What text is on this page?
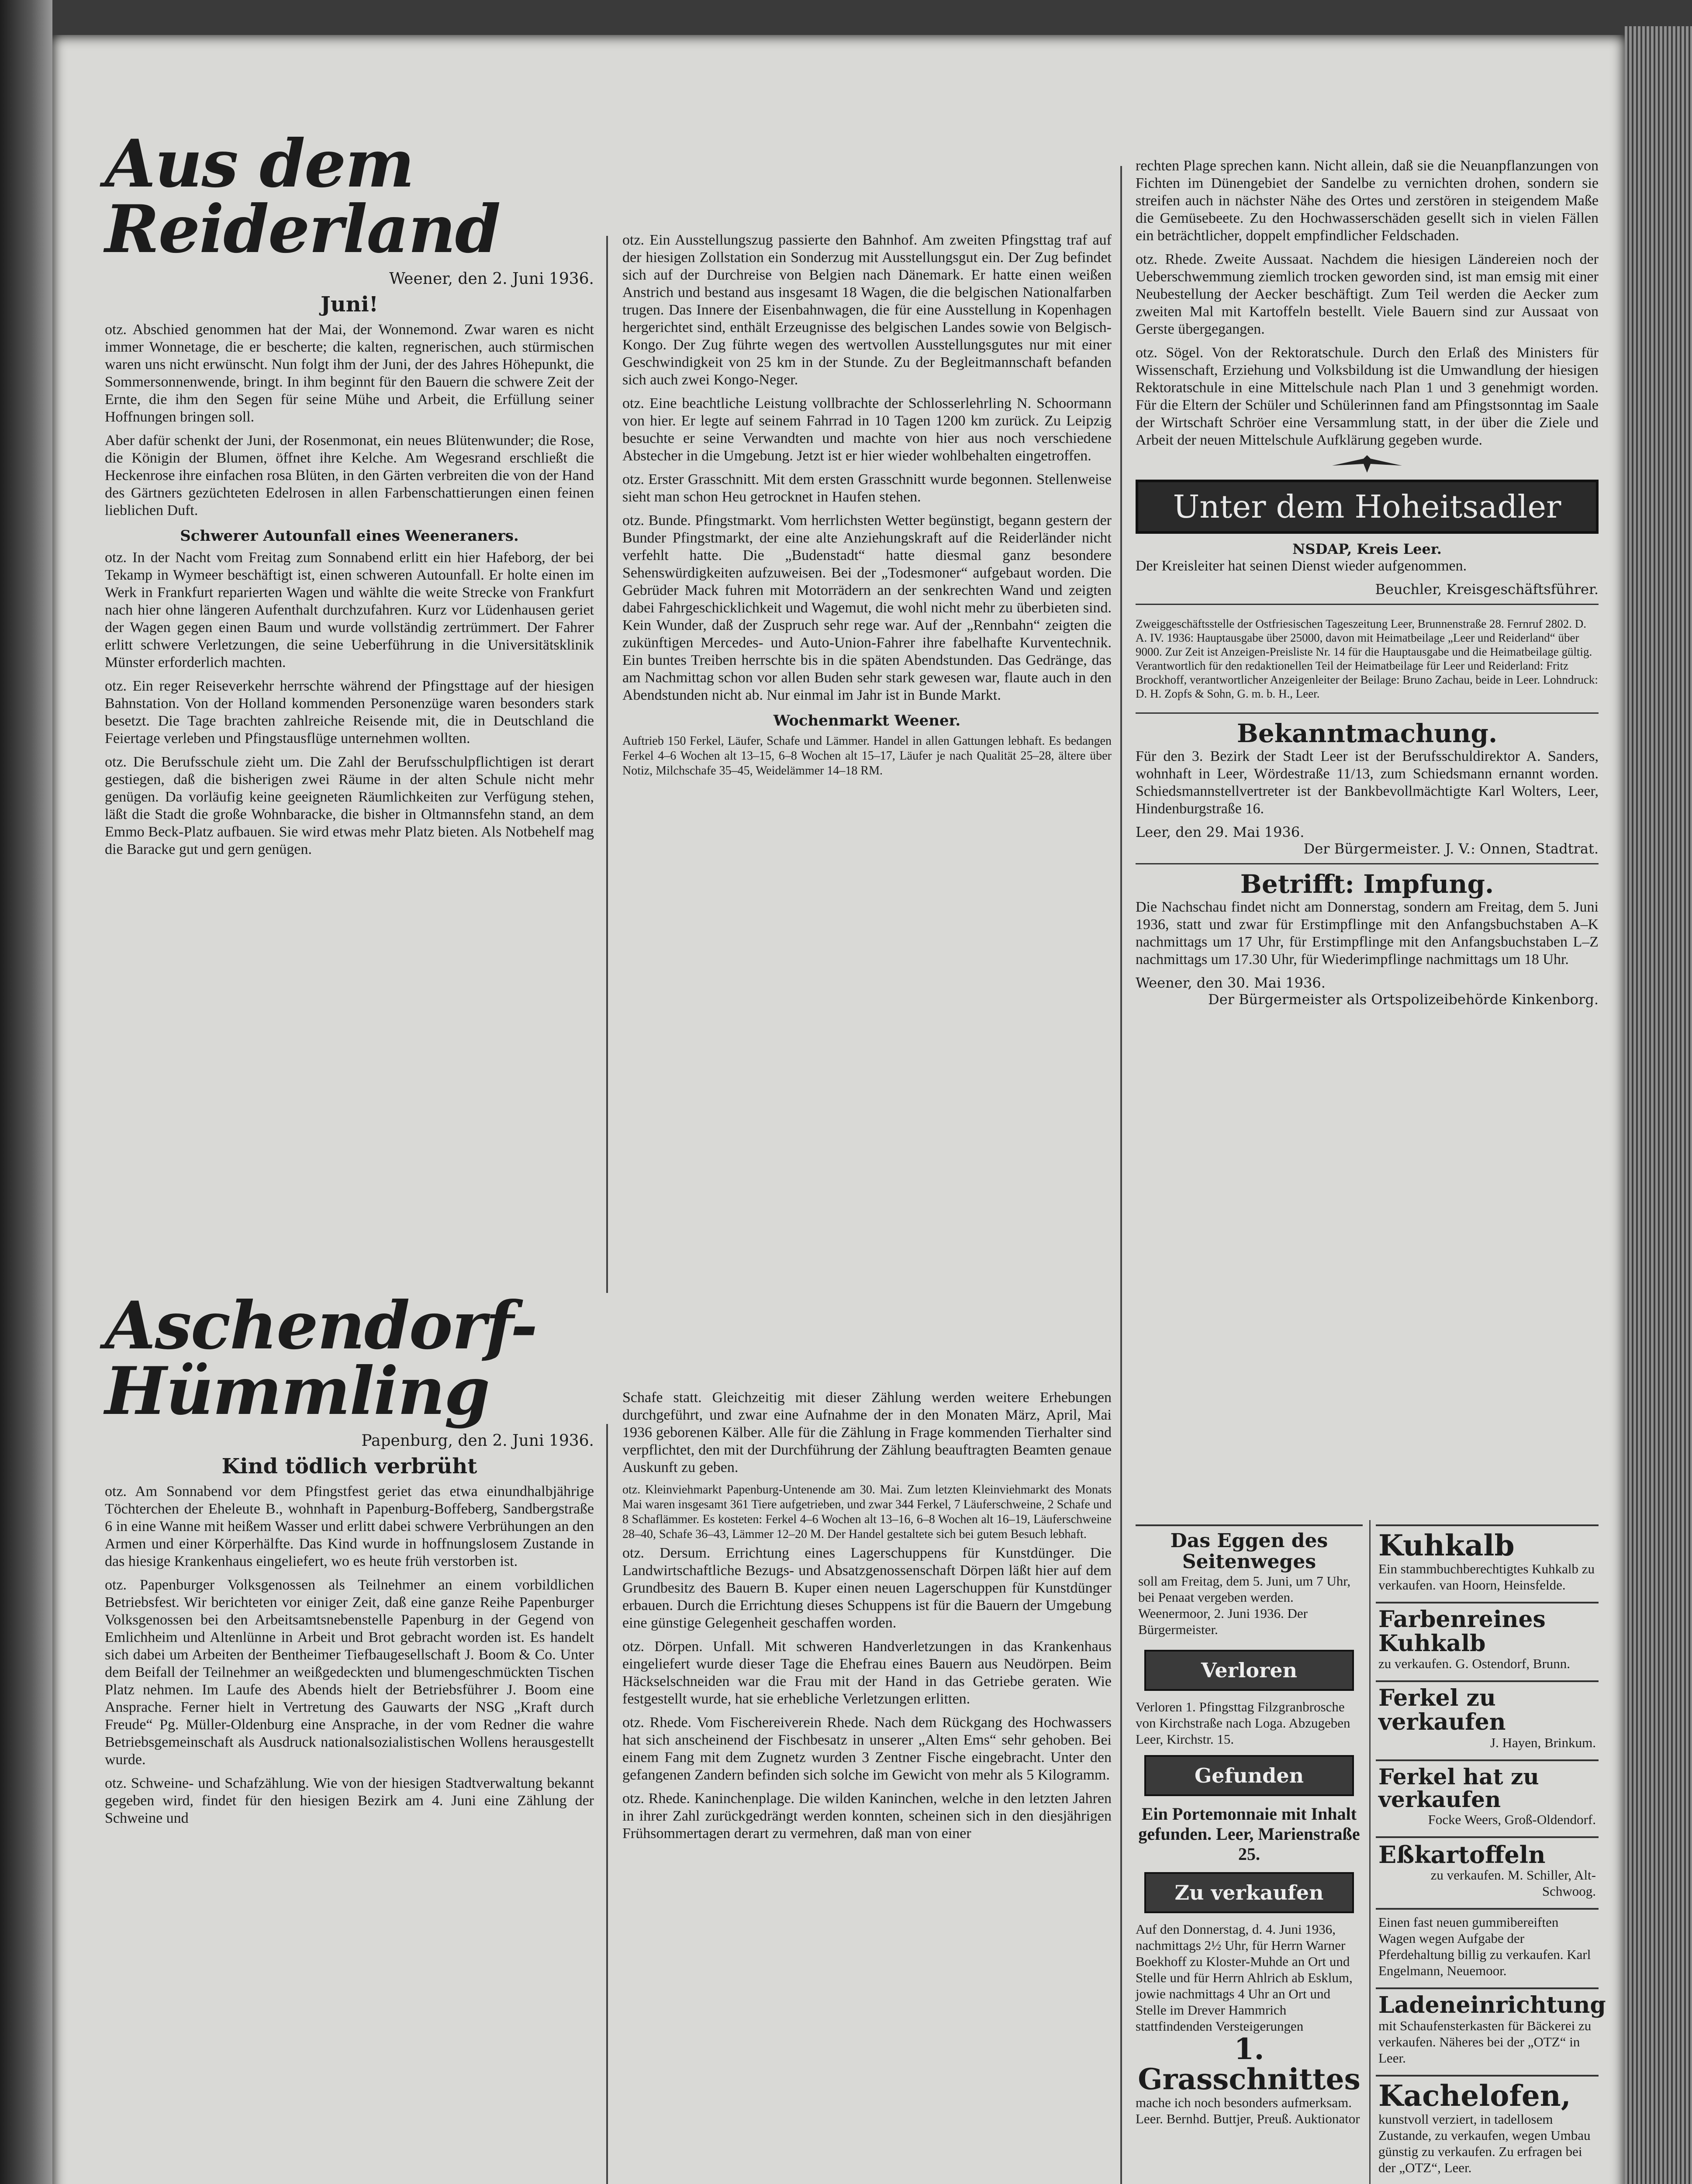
Aus dem Reiderland
Weener, den 2. Juni 1936.
Juni!

otz. Abschied genommen hat der Mai, der Wonnemond. Zwar waren es nicht immer Wonnetage, die er bescherte; die kalten, regnerischen, auch stürmischen waren uns nicht erwünscht. Nun folgt ihm der Juni, der des Jahres Höhepunkt, die Sommersonnenwende, bringt. In ihm beginnt für den Bauern die schwere Zeit der Ernte, die ihm den Segen für seine Mühe und Arbeit, die Erfüllung seiner Hoffnungen bringen soll.

Aber dafür schenkt der Juni, der Rosenmonat, ein neues Blütenwunder; die Rose, die Königin der Blumen, öffnet ihre Kelche. Am Wegesrand erschließt die Heckenrose ihre einfachen rosa Blüten, in den Gärten verbreiten die von der Hand des Gärtners gezüchteten Edelrosen in allen Farbenschattierungen einen feinen lieblichen Duft.

Schwerer Autounfall eines Weeneraners.

otz. In der Nacht vom Freitag zum Sonnabend erlitt ein hier Hafeborg, der bei Tekamp in Wymeer beschäftigt ist, einen schweren Autounfall. Er holte einen im Werk in Frankfurt reparierten Wagen und wählte die weite Strecke von Frankfurt nach hier ohne längeren Aufenthalt durchzufahren. Kurz vor Lüdenhausen geriet der Wagen gegen einen Baum und wurde vollständig zertrümmert. Der Fahrer erlitt schwere Verletzungen, die seine Ueberführung in die Universitätsklinik Münster erforderlich machten.

otz. Ein reger Reiseverkehr herrschte während der Pfingsttage auf der hiesigen Bahnstation. Von der Holland kommenden Personenzüge waren besonders stark besetzt. Die Tage brachten zahlreiche Reisende mit, die in Deutschland die Feiertage verleben und Pfingstausflüge unternehmen wollten.

otz. Die Berufsschule zieht um. Die Zahl der Berufsschulpflichtigen ist derart gestiegen, daß die bisherigen zwei Räume in der alten Schule nicht mehr genügen. Da vorläufig keine geeigneten Räumlichkeiten zur Verfügung stehen, läßt die Stadt die große Wohnbaracke, die bisher in Oltmannsfehn stand, an dem Emmo Beck-Platz aufbauen. Sie wird etwas mehr Platz bieten. Als Notbehelf mag die Baracke gut und gern genügen.

Aschendorf-Hümmling
Papenburg, den 2. Juni 1936.
Kind tödlich verbrüht

otz. Am Sonnabend vor dem Pfingstfest geriet das etwa einundhalbjährige Töchterchen der Eheleute B., wohnhaft in Papenburg-Boffeberg, Sandbergstraße 6 in eine Wanne mit heißem Wasser und erlitt dabei schwere Verbrühungen an den Armen und einer Körperhälfte. Das Kind wurde in hoffnungslosem Zustande in das hiesige Krankenhaus eingeliefert, wo es heute früh verstorben ist.

otz. Papenburger Volksgenossen als Teilnehmer an einem vorbildlichen Betriebsfest. Wir berichteten vor einiger Zeit, daß eine ganze Reihe Papenburger Volksgenossen bei den Arbeitsamtsnebenstelle Papenburg in der Gegend von Emlichheim und Altenlünne in Arbeit und Brot gebracht worden ist. Es handelt sich dabei um Arbeiten der Bentheimer Tiefbaugesellschaft J. Boom & Co. Unter dem Beifall der Teilnehmer an weißgedeckten und blumengeschmückten Tischen Platz nehmen. Im Laufe des Abends hielt der Betriebsführer J. Boom eine Ansprache. Ferner hielt in Vertretung des Gauwarts der NSG „Kraft durch Freude“ Pg. Müller-Oldenburg eine Ansprache, in der vom Redner die wahre Betriebsgemeinschaft als Ausdruck nationalsozialistischen Wollens herausgestellt wurde.

otz. Schweine- und Schafzählung. Wie von der hiesigen Stadtverwaltung bekannt gegeben wird, findet für den hiesigen Bezirk am 4. Juni eine Zählung der Schweine und

otz. Ein Ausstellungszug passierte den Bahnhof. Am zweiten Pfingsttag traf auf der hiesigen Zollstation ein Sonderzug mit Ausstellungsgut ein. Der Zug befindet sich auf der Durchreise von Belgien nach Dänemark. Er hatte einen weißen Anstrich und bestand aus insgesamt 18 Wagen, die die belgischen Nationalfarben trugen. Das Innere der Eisenbahnwagen, die für eine Ausstellung in Kopenhagen hergerichtet sind, enthält Erzeugnisse des belgischen Landes sowie von Belgisch-Kongo. Der Zug führte wegen des wertvollen Ausstellungsgutes nur mit einer Geschwindigkeit von 25 km in der Stunde. Zu der Begleitmannschaft befanden sich auch zwei Kongo-Neger.

otz. Eine beachtliche Leistung vollbrachte der Schlosserlehrling N. Schoormann von hier. Er legte auf seinem Fahrrad in 10 Tagen 1200 km zurück. Zu Leipzig besuchte er seine Verwandten und machte von hier aus noch verschiedene Abstecher in die Umgebung. Jetzt ist er hier wieder wohlbehalten eingetroffen.

otz. Erster Grasschnitt. Mit dem ersten Grasschnitt wurde begonnen. Stellenweise sieht man schon Heu getrocknet in Haufen stehen.

otz. Bunde. Pfingstmarkt. Vom herrlichsten Wetter begünstigt, begann gestern der Bunder Pfingstmarkt, der eine alte Anziehungskraft auf die Reiderländer nicht verfehlt hatte. Die „Budenstadt“ hatte diesmal ganz besondere Sehenswürdigkeiten aufzuweisen. Bei der „Todesmoner“ aufgebaut worden. Die Gebrüder Mack fuhren mit Motorrädern an der senkrechten Wand und zeigten dabei Fahrgeschicklichkeit und Wagemut, die wohl nicht mehr zu überbieten sind. Kein Wunder, daß der Zuspruch sehr rege war. Auf der „Rennbahn“ zeigten die zukünftigen Mercedes- und Auto-Union-Fahrer ihre fabelhafte Kurventechnik. Ein buntes Treiben herrschte bis in die späten Abendstunden. Das Gedränge, das am Nachmittag schon vor allen Buden sehr stark gewesen war, flaute auch in den Abendstunden nicht ab. Nur einmal im Jahr ist in Bunde Markt.

Wochenmarkt Weener.

Auftrieb 150 Ferkel, Läufer, Schafe und Lämmer. Handel in allen Gattungen lebhaft. Es bedangen Ferkel 4–6 Wochen alt 13–15, 6–8 Wochen alt 15–17, Läufer je nach Qualität 25–28, ältere über Notiz, Milchschafe 35–45, Weidelämmer 14–18 RM.

Schafe statt. Gleichzeitig mit dieser Zählung werden weitere Erhebungen durchgeführt, und zwar eine Aufnahme der in den Monaten März, April, Mai 1936 geborenen Kälber. Alle für die Zählung in Frage kommenden Tierhalter sind verpflichtet, den mit der Durchführung der Zählung beauftragten Beamten genaue Auskunft zu geben.

otz. Kleinviehmarkt Papenburg-Untenende am 30. Mai. Zum letzten Kleinviehmarkt des Monats Mai waren insgesamt 361 Tiere aufgetrieben, und zwar 344 Ferkel, 7 Läuferschweine, 2 Schafe und 8 Schaflämmer. Es kosteten: Ferkel 4–6 Wochen alt 13–16, 6–8 Wochen alt 16–19, Läuferschweine 28–40, Schafe 36–43, Lämmer 12–20 M. Der Handel gestaltete sich bei gutem Besuch lebhaft.

otz. Dersum. Errichtung eines Lagerschuppens für Kunstdünger. Die Landwirtschaftliche Bezugs- und Absatzgenossenschaft Dörpen läßt hier auf dem Grundbesitz des Bauern B. Kuper einen neuen Lagerschuppen für Kunstdünger erbauen. Durch die Errichtung dieses Schuppens ist für die Bauern der Umgebung eine günstige Gelegenheit geschaffen worden.

otz. Dörpen. Unfall. Mit schweren Handverletzungen in das Krankenhaus eingeliefert wurde dieser Tage die Ehefrau eines Bauern aus Neudörpen. Beim Häckselschneiden war die Frau mit der Hand in das Getriebe geraten. Wie festgestellt wurde, hat sie erhebliche Verletzungen erlitten.

otz. Rhede. Vom Fischereiverein Rhede. Nach dem Rückgang des Hochwassers hat sich anscheinend der Fischbesatz in unserer „Alten Ems“ sehr gehoben. Bei einem Fang mit dem Zugnetz wurden 3 Zentner Fische eingebracht. Unter den gefangenen Zandern befinden sich solche im Gewicht von mehr als 5 Kilogramm.

otz. Rhede. Kaninchenplage. Die wilden Kaninchen, welche in den letzten Jahren in ihrer Zahl zurückgedrängt werden konnten, scheinen sich in den diesjährigen Frühsommertagen derart zu vermehren, daß man von einer

rechten Plage sprechen kann. Nicht allein, daß sie die Neuanpflanzungen von Fichten im Dünengebiet der Sandelbe zu vernichten drohen, sondern sie streifen auch in nächster Nähe des Ortes und zerstören in steigendem Maße die Gemüsebeete. Zu den Hochwasserschäden gesellt sich in vielen Fällen ein beträchtlicher, doppelt empfindlicher Feldschaden.

otz. Rhede. Zweite Aussaat. Nachdem die hiesigen Ländereien noch der Ueberschwemmung ziemlich trocken geworden sind, ist man emsig mit einer Neubestellung der Aecker beschäftigt. Zum Teil werden die Aecker zum zweiten Mal mit Kartoffeln bestellt. Viele Bauern sind zur Aussaat von Gerste übergegangen.

otz. Sögel. Von der Rektoratschule. Durch den Erlaß des Ministers für Wissenschaft, Erziehung und Volksbildung ist die Umwandlung der hiesigen Rektoratschule in eine Mittelschule nach Plan 1 und 3 genehmigt worden. Für die Eltern der Schüler und Schülerinnen fand am Pfingstsonntag im Saale der Wirtschaft Schröer eine Versammlung statt, in der über die Ziele und Arbeit der neuen Mittelschule Aufklärung gegeben wurde.

Unter dem Hoheitsadler
NSDAP, Kreis Leer.

Der Kreisleiter hat seinen Dienst wieder aufgenommen.

Beuchler, Kreisgeschäftsführer.

Zweiggeschäftsstelle der Ostfriesischen Tageszeitung Leer, Brunnenstraße 28. Fernruf 2802. D. A. IV. 1936: Hauptausgabe über 25000, davon mit Heimatbeilage „Leer und Reiderland“ über 9000. Zur Zeit ist Anzeigen-Preisliste Nr. 14 für die Hauptausgabe und die Heimatbeilage gültig. Verantwortlich für den redaktionellen Teil der Heimatbeilage für Leer und Reiderland: Fritz Brockhoff, verantwortlicher Anzeigenleiter der Beilage: Bruno Zachau, beide in Leer. Lohndruck: D. H. Zopfs & Sohn, G. m. b. H., Leer.

Bekanntmachung.

Für den 3. Bezirk der Stadt Leer ist der Berufsschuldirektor A. Sanders, wohnhaft in Leer, Wördestraße 11/13, zum Schiedsmann ernannt worden. Schiedsmannstellvertreter ist der Bankbevollmächtigte Karl Wolters, Leer, Hindenburgstraße 16.

Leer, den 29. Mai 1936.
Der Bürgermeister. J. V.: Onnen, Stadtrat.
Betrifft: Impfung.

Die Nachschau findet nicht am Donnerstag, sondern am Freitag, dem 5. Juni 1936, statt und zwar für Erstimpflinge mit den Anfangsbuchstaben A–K nachmittags um 17 Uhr, für Erstimpflinge mit den Anfangsbuchstaben L–Z nachmittags um 17.30 Uhr, für Wiederimpflinge nachmittags um 18 Uhr.

Weener, den 30. Mai 1936.
Der Bürgermeister als Ortspolizeibehörde Kinkenborg.
Das Eggen des Seitenweges
soll am Freitag, dem 5. Juni, um 7 Uhr, bei Penaat vergeben werden. Weenermoor, 2. Juni 1936. Der Bürgermeister.
Verloren
Verloren 1. Pfingsttag Filzgranbrosche von Kirchstraße nach Loga. Abzugeben Leer, Kirchstr. 15.
Gefunden
Ein Portemonnaie mit Inhalt gefunden. Leer, Marienstraße 25.
Zu verkaufen
Auf den Donnerstag, d. 4. Juni 1936, nachmittags 2½ Uhr, für Herrn Warner Boekhoff zu Kloster-Muhde an Ort und Stelle und für Herrn Ahlrich ab Esklum, jowie nachmittags 4 Uhr an Ort und Stelle im Drever Hammrich stattfindenden Versteigerungen
1. Grasschnittes
mache ich noch besonders aufmerksam. Leer. Bernhd. Buttjer, Preuß. Auktionator
Kuhkalb
Ein stammbuchberechtigtes Kuhkalb zu verkaufen. van Hoorn, Heinsfelde.
Farbenreines Kuhkalb
zu verkaufen. G. Ostendorf, Brunn.
Ferkel zu verkaufen
J. Hayen, Brinkum.
Ferkel hat zu verkaufen
Focke Weers, Groß-Oldendorf.
Eßkartoffeln
zu verkaufen. M. Schiller, Alt-Schwoog.
Einen fast neuen gummibereiften Wagen wegen Aufgabe der Pferdehaltung billig zu verkaufen. Karl Engelmann, Neuemoor.
Ladeneinrichtung
mit Schaufensterkasten für Bäckerei zu verkaufen. Näheres bei der „OTZ“ in Leer.
Kachelofen,
kunstvoll verziert, in tadellosem Zustande, zu verkaufen, wegen Umbau günstig zu verkaufen. Zu erfragen bei der „OTZ“, Leer.
